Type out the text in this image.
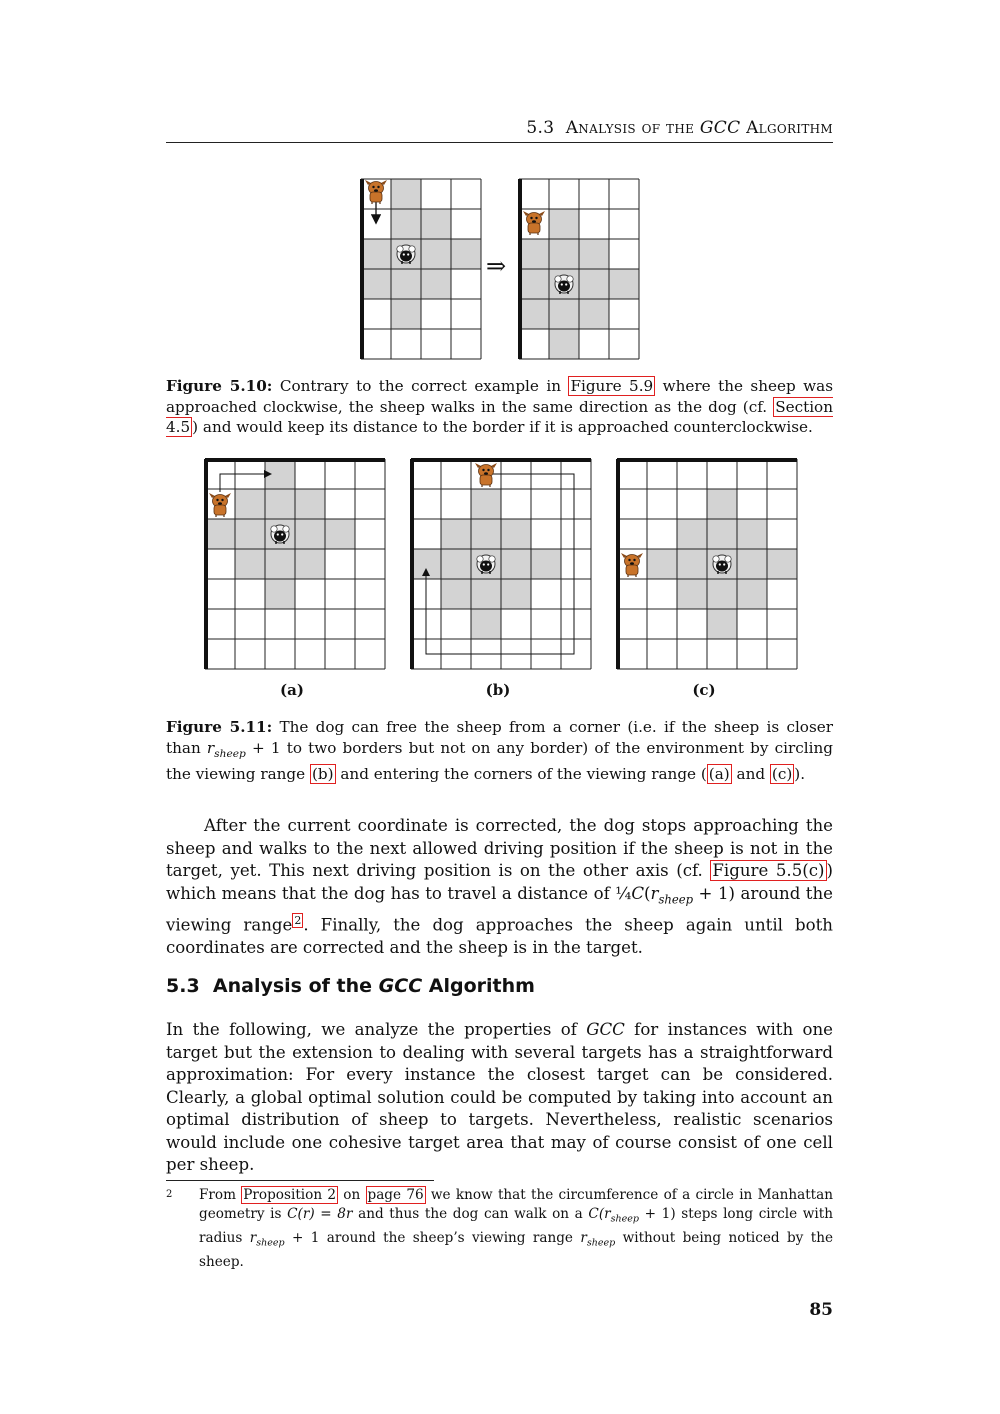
5.3 Analysis of the GCC Algorithm
⇒
Figure 5.10: Contrary to the correct example in Figure 5.9 where the sheep was approached clockwise, the sheep walks in the same direction as the dog (cf. Section 4.5 ) and would keep its distance to the border if it is approached counterclockwise.
(a)	(b)	(c)
Figure 5.11: The dog can free the sheep from a corner (i.e. if the sheep is closer than $r_{sheep} + 1$ to two borders but not on any border) of the environment by circling the viewing range (b) and entering the corners of the viewing range ( (a) and (c) ).
After the current coordinate is corrected, the dog stops approaching the sheep and walks to the next allowed driving position if the sheep is not in the target, yet. This next driving position is on the other axis (cf. Figure 5.5(c) ) which means that the dog has to travel a distance of $\frac{1}{4}C(r_{sheep} + 1)$ around the viewing range $^2$ . Finally, the dog approaches the sheep again until both coordinates are corrected and the sheep is in the target.
5.3 Analysis of the GCC Algorithm
In the following, we analyze the properties of GCC for instances with one target but the extension to dealing with several targets has a straightforward approximation: For every instance the closest target can be considered. Clearly, a global optimal solution could be computed by taking into account an optimal distribution of sheep to targets. Nevertheless, realistic scenarios would include one cohesive target area that may of course consist of one cell per sheep.
2 From Proposition 2 on page 76 we know that the circumference of a circle in Manhattan geometry is C(r) = 8r and thus the dog can walk on a $C(r_{sheep} + 1)$ steps long circle with radius $r_{sheep} + 1$ around the sheep’s viewing range $r_{sheep}$ without being noticed by the sheep.
85
